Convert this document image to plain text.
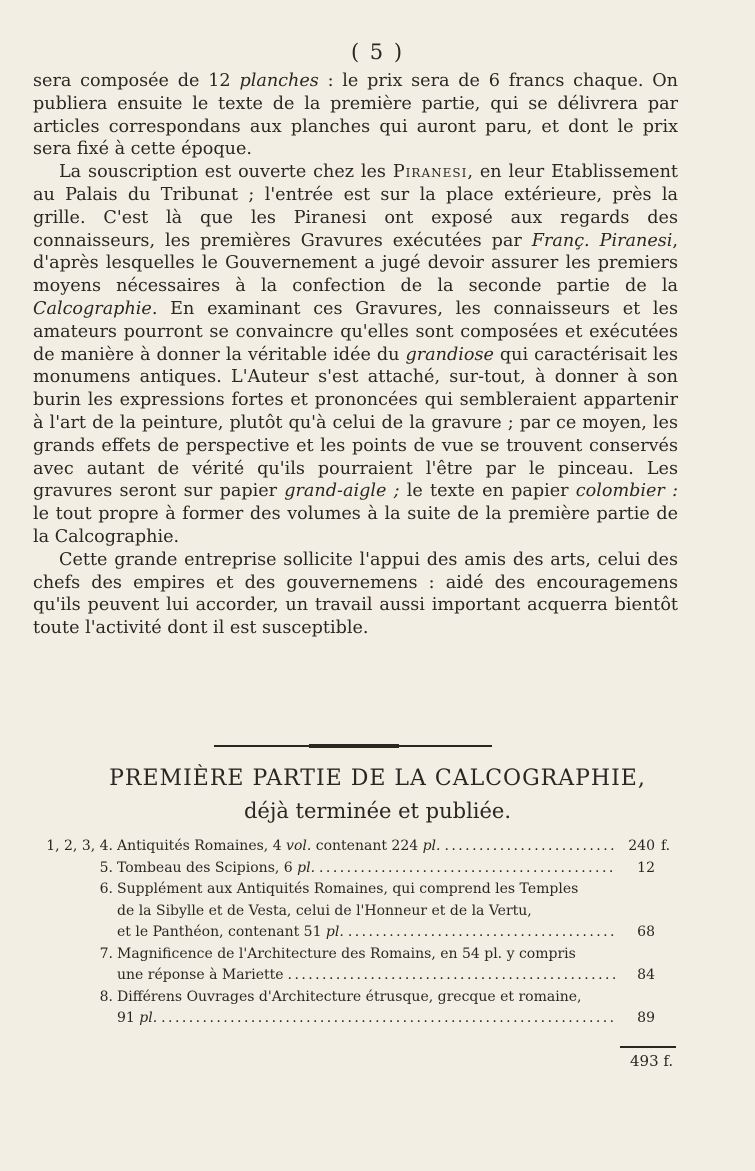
( 5 )

sera composée de 12 planches : le prix sera de 6 francs chaque. On publiera ensuite le texte de la première partie, qui se délivrera par articles correspondans aux planches qui auront paru, et dont le prix sera fixé à cette époque.

La souscription est ouverte chez les Piranesi, en leur Etablissement au Palais du Tribunat ; l'entrée est sur la place extérieure, près la grille. C'est là que les Piranesi ont exposé aux regards des connaisseurs, les premières Gravures exécutées par Franç. Piranesi, d'après lesquelles le Gouvernement a jugé devoir assurer les premiers moyens nécessaires à la confection de la seconde partie de la Calcographie. En examinant ces Gravures, les connaisseurs et les amateurs pourront se convaincre qu'elles sont composées et exécutées de manière à donner la véritable idée du grandiose qui caractérisait les monumens antiques. L'Auteur s'est attaché, sur-tout, à donner à son burin les expressions fortes et prononcées qui sembleraient appartenir à l'art de la peinture, plutôt qu'à celui de la gravure ; par ce moyen, les grands effets de perspective et les points de vue se trouvent conservés avec autant de vérité qu'ils pourraient l'être par le pinceau. Les gravures seront sur papier grand-aigle ; le texte en papier colombier : le tout propre à former des volumes à la suite de la première partie de la Calcographie.

Cette grande entreprise sollicite l'appui des amis des arts, celui des chefs des empires et des gouvernemens : aidé des encouragemens qu'ils peuvent lui accorder, un travail aussi important acquerra bientôt toute l'activité dont il est susceptible.

PREMIÈRE PARTIE DE LA CALCOGRAPHIE,
déjà terminée et publiée.
1, 2, 3, 4. Antiquités Romaines, 4 vol. contenant 224 pl. . . .	240 f.
5. Tombeau des Scipions, 6 pl. . . .	12
6. Supplément aux Antiquités Romaines, qui comprend les Temples
de la Sibylle et de Vesta, celui de l'Honneur et de la Vertu,
et le Panthéon, contenant 51 pl. . . .	68
7. Magnificence de l'Architecture des Romains, en 54 pl. y compris
une réponse à Mariette . . .	84
8. Différens Ouvrages d'Architecture étrusque, grecque et romaine,
91 pl. . . .	89
493 f.
